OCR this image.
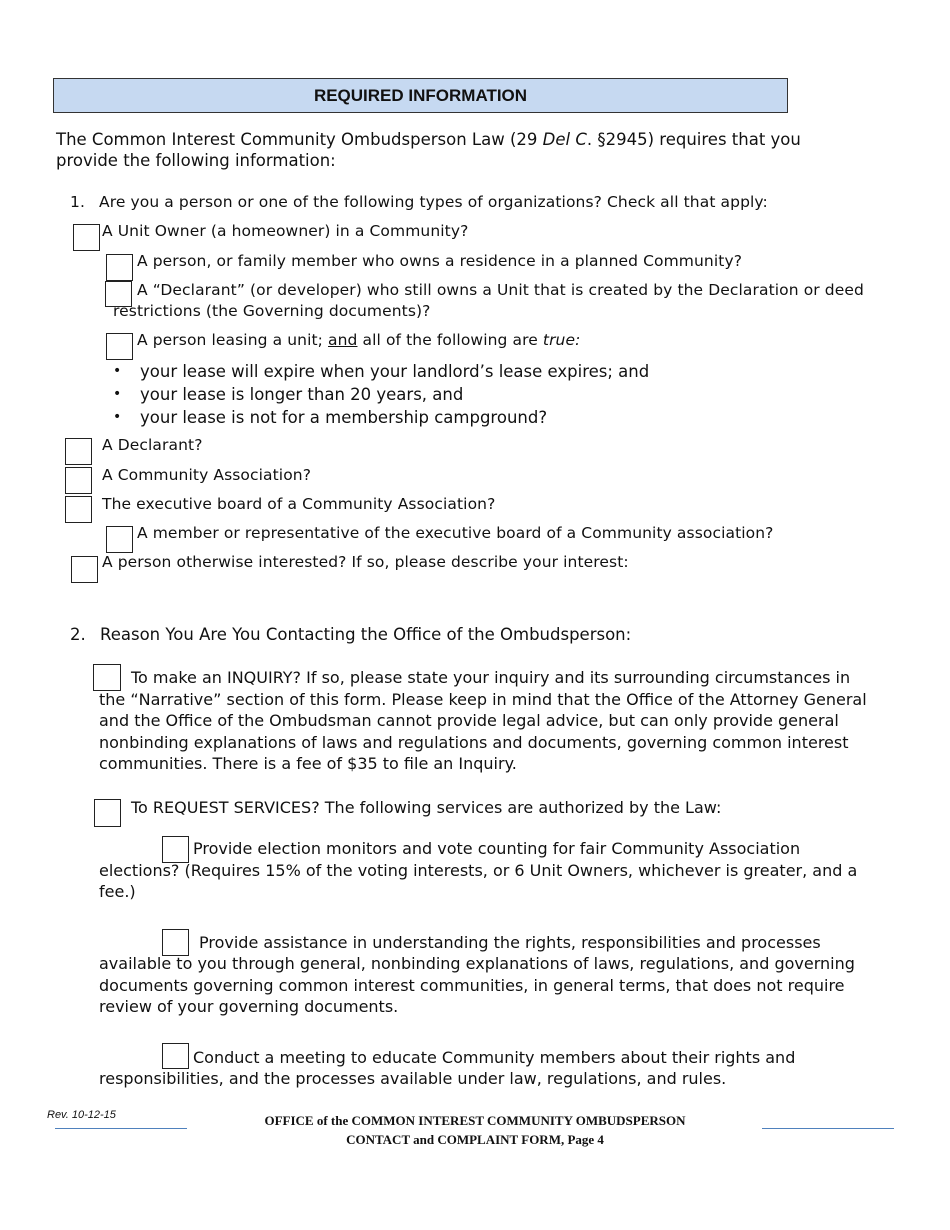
REQUIRED INFORMATION
The Common Interest Community Ombudsperson Law (29 Del C. §2945) requires that you
provide the following information:
1. Are you a person or one of the following types of organizations? Check all that apply:
A Unit Owner (a homeowner) in a Community?
A person, or family member who owns a residence in a planned Community?
A “Declarant” (or developer) who still owns a Unit that is created by the Declaration or deed
restrictions (the Governing documents)?
A person leasing a unit; and all of the following are true:
• your lease will expire when your landlord’s lease expires; and
• your lease is longer than 20 years, and
• your lease is not for a membership campground?
A Declarant?
A Community Association?
The executive board of a Community Association?
A member or representative of the executive board of a Community association?
A person otherwise interested? If so, please describe your interest:
2. Reason You Are You Contacting the Office of the Ombudsperson:
To make an INQUIRY? If so, please state your inquiry and its surrounding circumstances in
the “Narrative” section of this form. Please keep in mind that the Office of the Attorney General
and the Office of the Ombudsman cannot provide legal advice, but can only provide general
nonbinding explanations of laws and regulations and documents, governing common interest
communities. There is a fee of $35 to file an Inquiry.
To REQUEST SERVICES? The following services are authorized by the Law:
Provide election monitors and vote counting for fair Community Association
elections? (Requires 15% of the voting interests, or 6 Unit Owners, whichever is greater, and a
fee.)
Provide assistance in understanding the rights, responsibilities and processes
available to you through general, nonbinding explanations of laws, regulations, and governing
documents governing common interest communities, in general terms, that does not require
review of your governing documents.
Conduct a meeting to educate Community members about their rights and
responsibilities, and the processes available under law, regulations, and rules.
Rev. 10-12-15	OFFICE of the COMMON INTEREST COMMUNITY OMBUDSPERSON
CONTACT and COMPLAINT FORM, Page 4
